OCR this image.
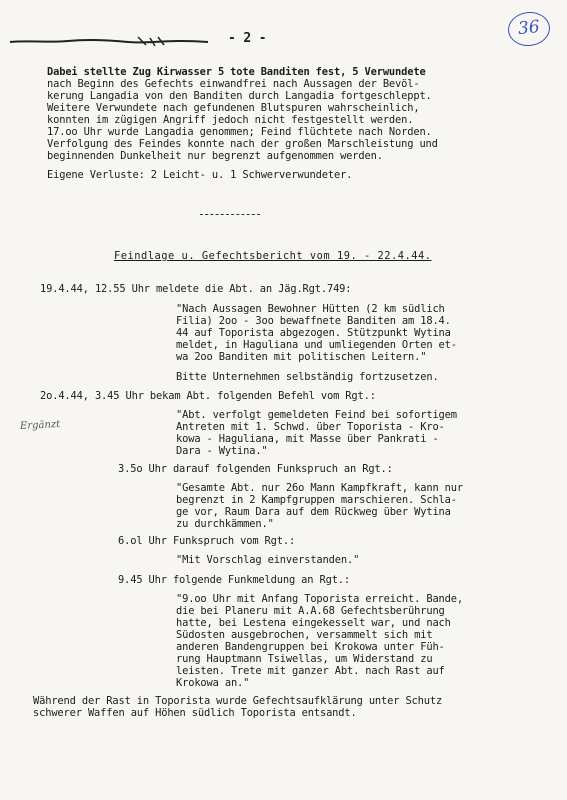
- 2 -	36
Dabei stellte Zug Kirwasser 5 tote Banditen fest, 5 Verwundete
nach Beginn des Gefechts einwandfrei nach Aussagen der Bevöl-
kerung Langadia von den Banditen durch Langadia fortgeschleppt.
Weitere Verwundete nach gefundenen Blutspuren wahrscheinlich,
konnten im zügigen Angriff jedoch nicht festgestellt werden.
17.oo Uhr wurde Langadia genommen; Feind flüchtete nach Norden.
Verfolgung des Feindes konnte nach der großen Marschleistung und
beginnenden Dunkelheit nur begrenzt aufgenommen werden.
Eigene Verluste: 2 Leicht- u. 1 Schwerverwundeter.
Feindlage u. Gefechtsbericht vom 19. - 22.4.44.
19.4.44, 12.55 Uhr meldete die Abt. an Jäg.Rgt.749:
"Nach Aussagen Bewohner Hütten (2 km südlich
Filia) 2oo - 3oo bewaffnete Banditen am 18.4.
44 auf Toporista abgezogen. Stützpunkt Wytina
meldet, in Haguliana und umliegenden Orten et-
wa 2oo Banditen mit politischen Leitern."
Bitte Unternehmen selbständig fortzusetzen.
2o.4.44, 3.45 Uhr bekam Abt. folgenden Befehl vom Rgt.:
Ergänzt
"Abt. verfolgt gemeldeten Feind bei sofortigem
Antreten mit 1. Schwd. über Toporista - Kro-
kowa - Haguliana, mit Masse über Pankrati -
Dara - Wytina."
3.5o Uhr darauf folgenden Funkspruch an Rgt.:
"Gesamte Abt. nur 26o Mann Kampfkraft, kann nur
begrenzt in 2 Kampfgruppen marschieren. Schla-
ge vor, Raum Dara auf dem Rückweg über Wytina
zu durchkämmen."
6.ol Uhr Funkspruch vom Rgt.:
"Mit Vorschlag einverstanden."
9.45 Uhr folgende Funkmeldung an Rgt.:
"9.oo Uhr mit Anfang Toporista erreicht. Bande,
die bei Planeru mit A.A.68 Gefechtsberührung
hatte, bei Lestena eingekesselt war, und nach
Südosten ausgebrochen, versammelt sich mit
anderen Bandengruppen bei Krokowa unter Füh-
rung Hauptmann Tsiwellas, um Widerstand zu
leisten. Trete mit ganzer Abt. nach Rast auf
Krokowa an."
Während der Rast in Toporista wurde Gefechtsaufklärung unter Schutz
schwerer Waffen auf Höhen südlich Toporista entsandt.
